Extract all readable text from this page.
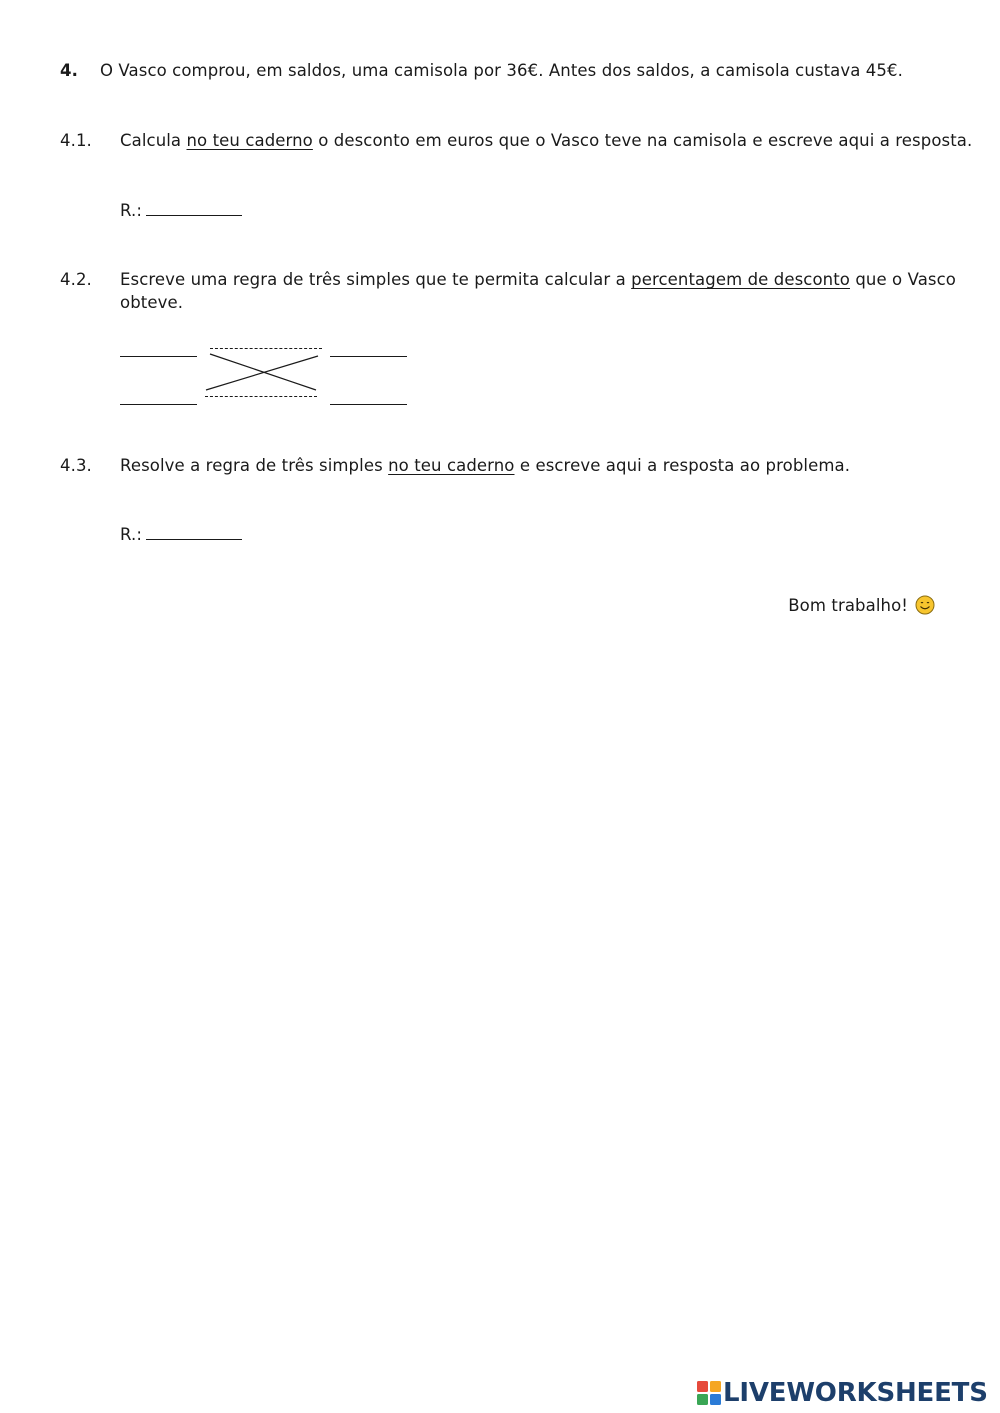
4. O Vasco comprou, em saldos, uma camisola por 36€. Antes dos saldos, a camisola custava 45€.
4.1. Calcula no teu caderno o desconto em euros que o Vasco teve na camisola e escreve aqui a resposta.
R.:
4.2. Escreve uma regra de três simples que te permita calcular a percentagem de desconto que o Vasco
obteve.
4.3. Resolve a regra de três simples no teu caderno e escreve aqui a resposta ao problema.
R.:
Bom trabalho!
LIVEWORKSHEETS
